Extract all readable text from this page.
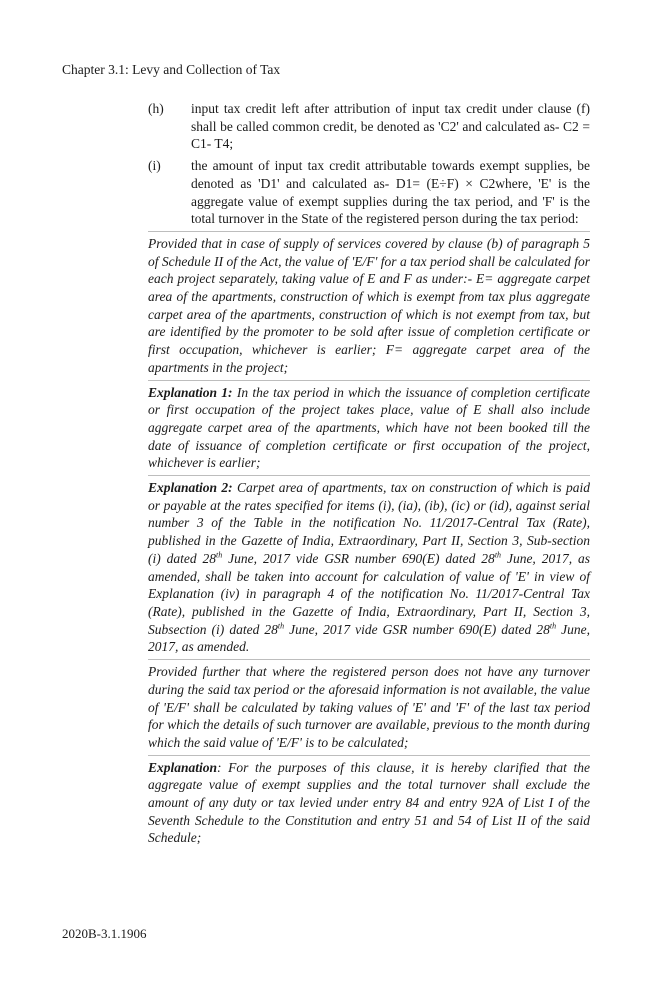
Chapter 3.1: Levy and Collection of Tax
(h)	input tax credit left after attribution of input tax credit under clause (f) shall be called common credit, be denoted as 'C2' and calculated as- C2 = C1- T4;
(i)	the amount of input tax credit attributable towards exempt supplies, be denoted as 'D1' and calculated as- D1= (E÷F) × C2where, 'E' is the aggregate value of exempt supplies during the tax period, and 'F' is the total turnover in the State of the registered person during the tax period:

Provided that in case of supply of services covered by clause (b) of paragraph 5 of Schedule II of the Act, the value of 'E/F' for a tax period shall be calculated for each project separately, taking value of E and F as under:- E= aggregate carpet area of the apartments, construction of which is exempt from tax plus aggregate carpet area of the apartments, construction of which is not exempt from tax, but are identified by the promoter to be sold after issue of completion certificate or first occupation, whichever is earlier; F= aggregate carpet area of the apartments in the project;

Explanation 1: In the tax period in which the issuance of completion certificate or first occupation of the project takes place, value of E shall also include aggregate carpet area of the apartments, which have not been booked till the date of issuance of completion certificate or first occupation of the project, whichever is earlier;

Explanation 2: Carpet area of apartments, tax on construction of which is paid or payable at the rates specified for items (i), (ia), (ib), (ic) or (id), against serial number 3 of the Table in the notification No. 11/2017-Central Tax (Rate), published in the Gazette of India, Extraordinary, Part II, Section 3, Sub-section (i) dated 28th June, 2017 vide GSR number 690(E) dated 28th June, 2017, as amended, shall be taken into account for calculation of value of 'E' in view of Explanation (iv) in paragraph 4 of the notification No. 11/2017-Central Tax (Rate), published in the Gazette of India, Extraordinary, Part II, Section 3, Subsection (i) dated 28th June, 2017 vide GSR number 690(E) dated 28th June, 2017, as amended.

Provided further that where the registered person does not have any turnover during the said tax period or the aforesaid information is not available, the value of 'E/F' shall be calculated by taking values of 'E' and 'F' of the last tax period for which the details of such turnover are available, previous to the month during which the said value of 'E/F' is to be calculated;

Explanation: For the purposes of this clause, it is hereby clarified that the aggregate value of exempt supplies and the total turnover shall exclude the amount of any duty or tax levied under entry 84 and entry 92A of List I of the Seventh Schedule to the Constitution and entry 51 and 54 of List II of the said Schedule;

2020B-3.1.1906
